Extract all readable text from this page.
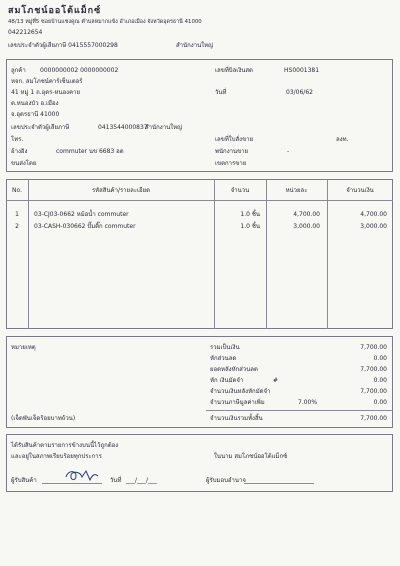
สมโภชน์ออโต้แม็กซ์
48/13 หมู่ที่5 ซอยบ้านแชงคูณ ตำบลหมากแข้ง อำเภอเมือง จังหวัดอุดรธานี 41000
042212654
เลขประจำตัวผู้เสียภาษี 0415557000298	สำนักงานใหญ่
ลูกค้า 0000000002 0000000002
หจก. สมโภชน์คาร์เซ็นเตอร์
41 หมู่ 1 ถ.อุดร-หนองคาย
ต.หนองบัว อ.เมือง
จ.อุดรธานี 41000
เลขประจำตัวผู้เสียภาษี	0413544000837
สำนักงานใหญ่
โทร.
อ้างอิง	commuter นข 6683 อด
ขนส่งโดย
เลขที่บิลเงินสด	HS0001381
วันที่	03/06/62
เลขที่ใบสั่งขาย	ลงท.
พนักงานขาย	-
เขตการขาย
No.	รหัสสินค้า/รายละเอียด	จำนวน	หน่วยละ	จำนวนเงิน
1	03-CJ03-0662 หม้อน้ำ commuter	1.0 ชิ้น	4,700.00	4,700.00
2	03-CASH-030662 ปั๊มติ๊ก commuter	1.0 ชิ้น	3,000.00	3,000.00
หมายเหตุ
(เจ็ดพันเจ็ดร้อยบาทถ้วน)
รวมเป็นเงิน	7,700.00
หักส่วนลด	0.00
ยอดหลังหักส่วนลด	7,700.00
หัก เงินมัดจำ	#	0.00
จำนวนเงินหลังหักมัดจำ	7,700.00
จำนวนภาษีมูลค่าเพิ่ม	7.00%	0.00
จำนวนเงินรวมทั้งสิ้น	7,700.00
ได้รับสินค้าตามรายการข้างบนนี้ไว้ถูกต้อง
และอยู่ในสภาพเรียบร้อยทุกประการ	ในนาม สมโภชน์ออโต้แม็กซ์
ผู้รับสินค้า	วันที่ ___/___/___	ผู้รับมอบอำนาจ
